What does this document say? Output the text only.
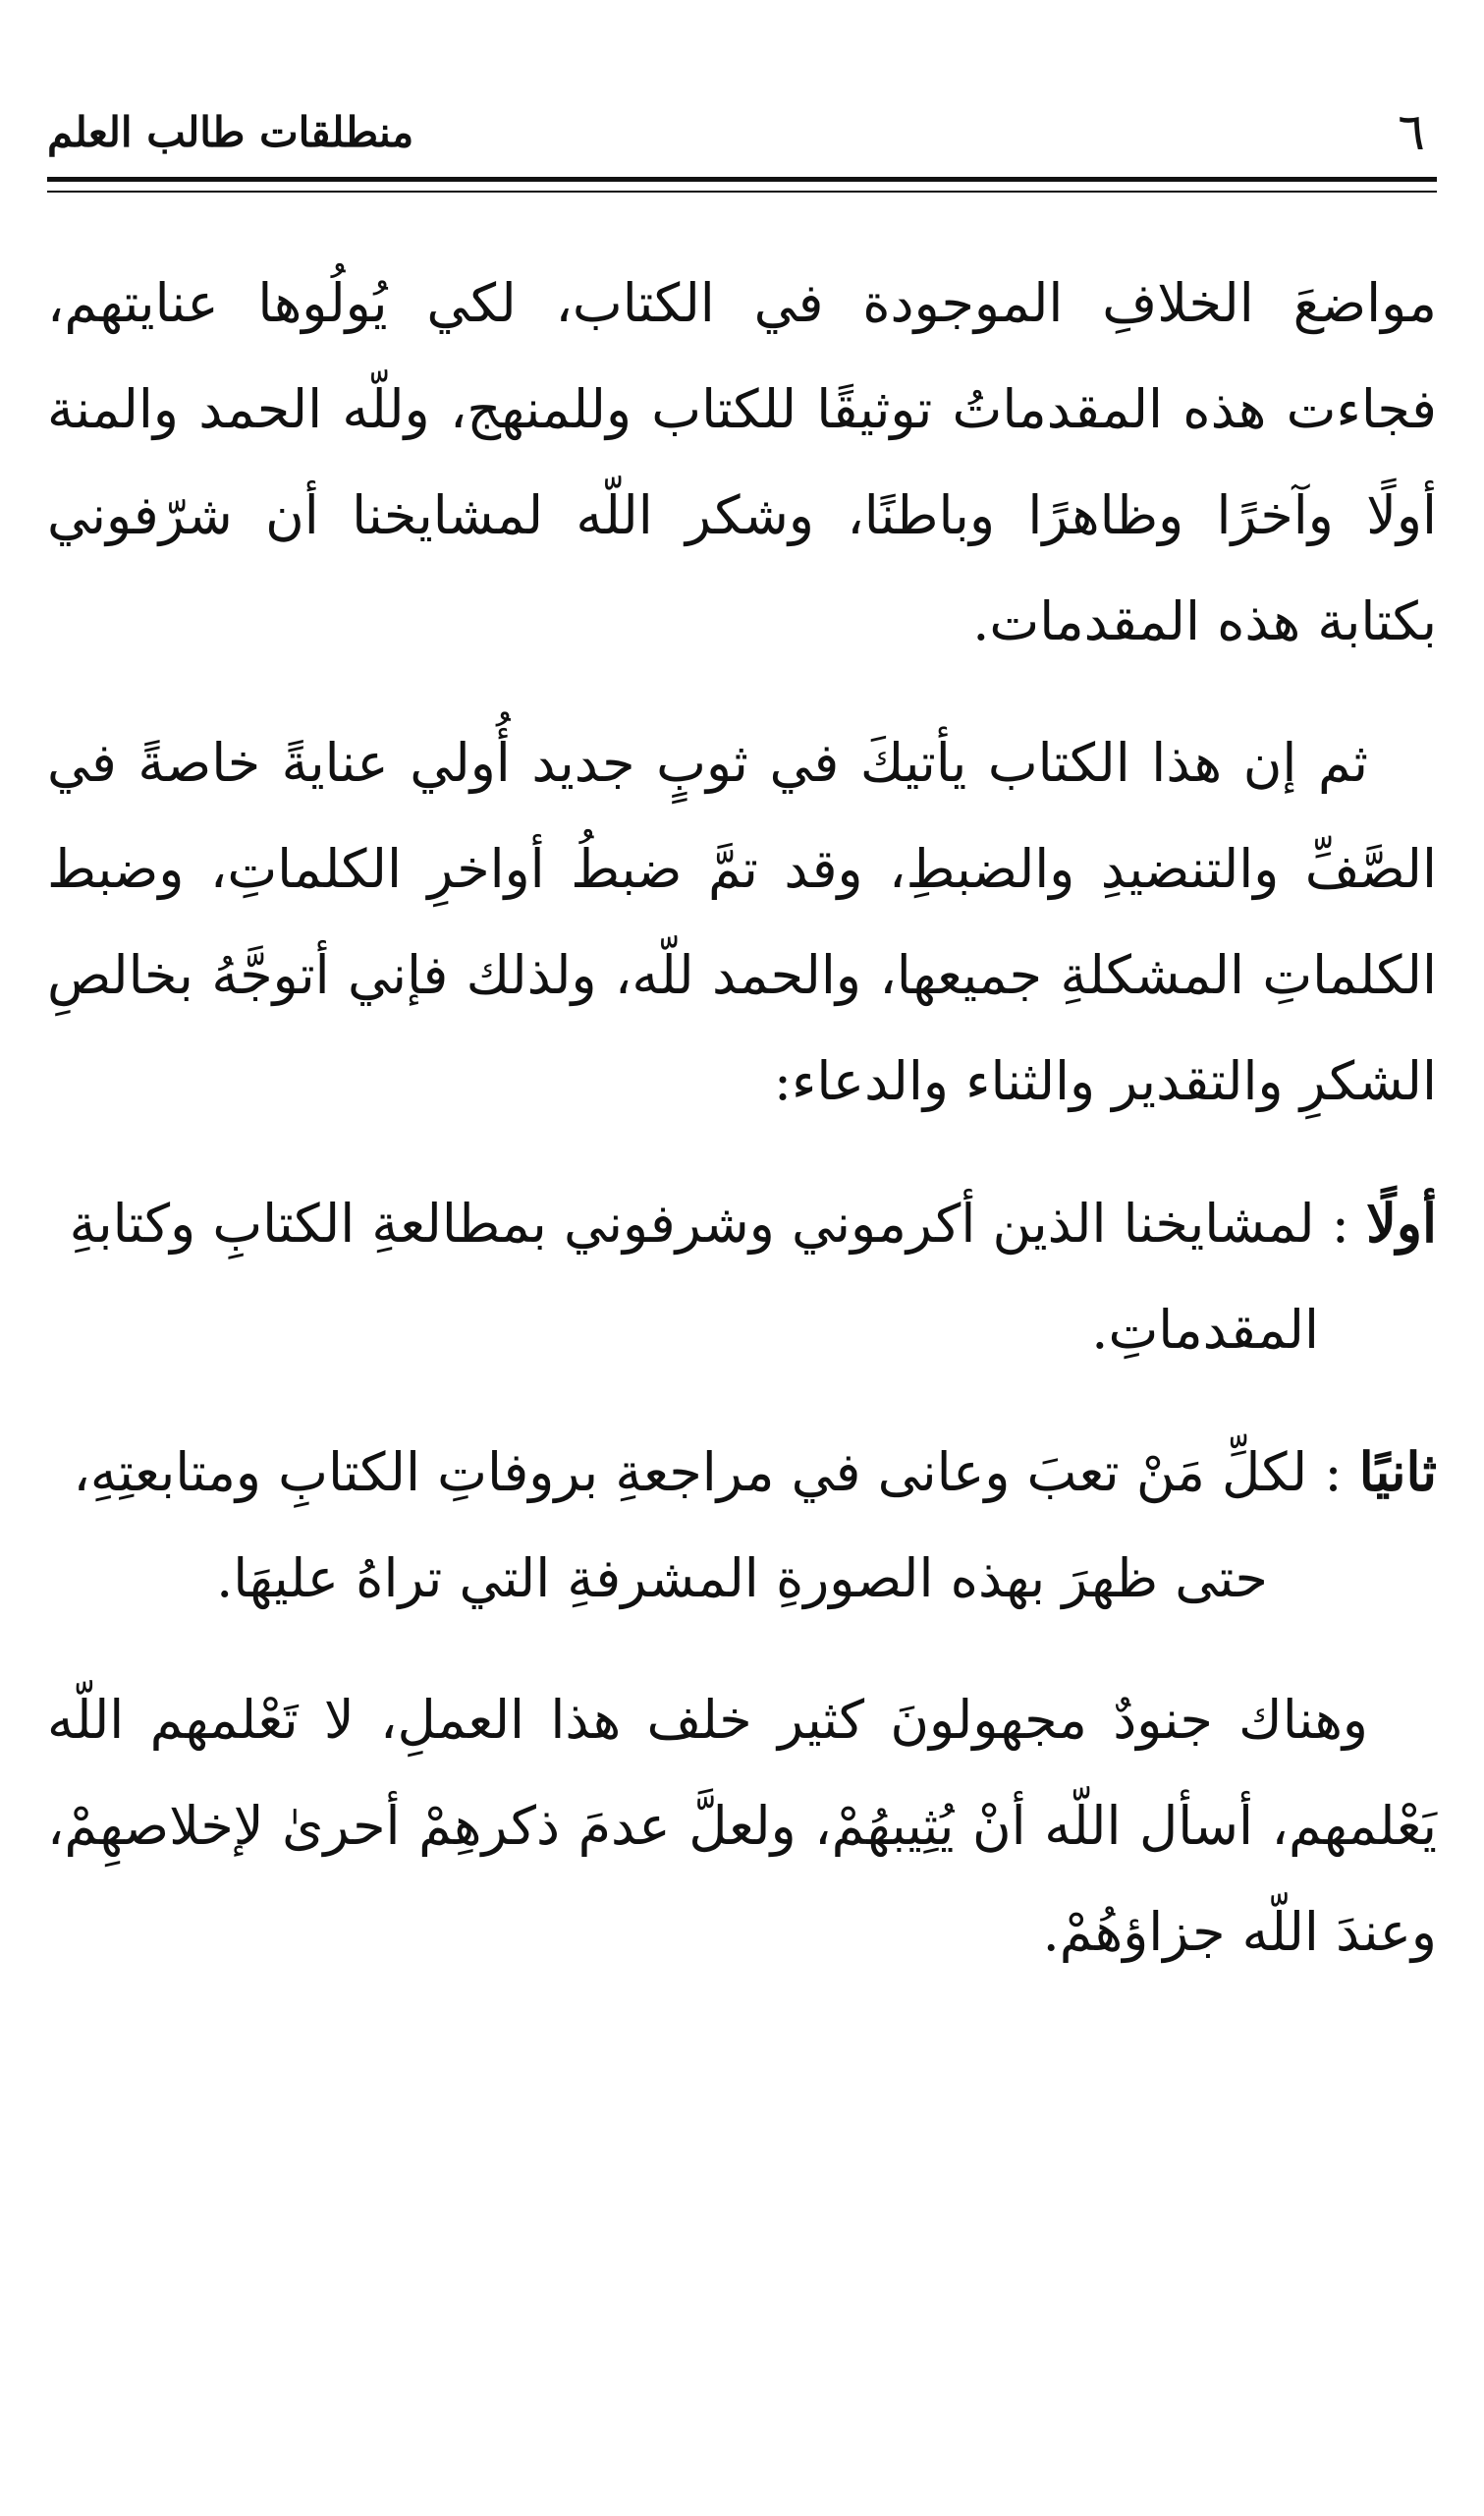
منطلقات طالب العلم	٦

مواضعَ الخلافِ الموجودة في الكتاب، لكي يُولُوها عنايتهم، فجاءت هذه المقدماتُ توثيقًا للكتاب وللمنهج، وللّه الحمد والمنة أولًا وآخرًا وظاهرًا وباطنًا، وشكر اللّه لمشايخنا أن شرّفوني بكتابة هذه المقدمات.

ثم إن هذا الكتاب يأتيكَ في ثوبٍ جديد أُولي عنايةً خاصةً في الصَّفِّ والتنضيدِ والضبطِ، وقد تمَّ ضبطُ أواخرِ الكلماتِ، وضبط الكلماتِ المشكلةِ جميعها، والحمد للّه، ولذلك فإني أتوجَّهُ بخالصِ الشكرِ والتقدير والثناء والدعاء:

أولًا : لمشايخنا الذين أكرموني وشرفوني بمطالعةِ الكتابِ وكتابةِ
المقدماتِ.
ثانيًا : لكلِّ مَنْ تعبَ وعانى في مراجعةِ بروفاتِ الكتابِ ومتابعتِهِ،
حتى ظهرَ بهذه الصورةِ المشرفةِ التي تراهُ عليهَا.

وهناك جنودٌ مجهولونَ كثير خلف هذا العملِ، لا تَعْلمهم اللّه يَعْلمهم، أسأل اللّه أنْ يُثِيبهُمْ، ولعلَّ عدمَ ذكرهِمْ أحرىٰ لإخلاصهِمْ، وعندَ اللّه جزاؤهُمْ.
